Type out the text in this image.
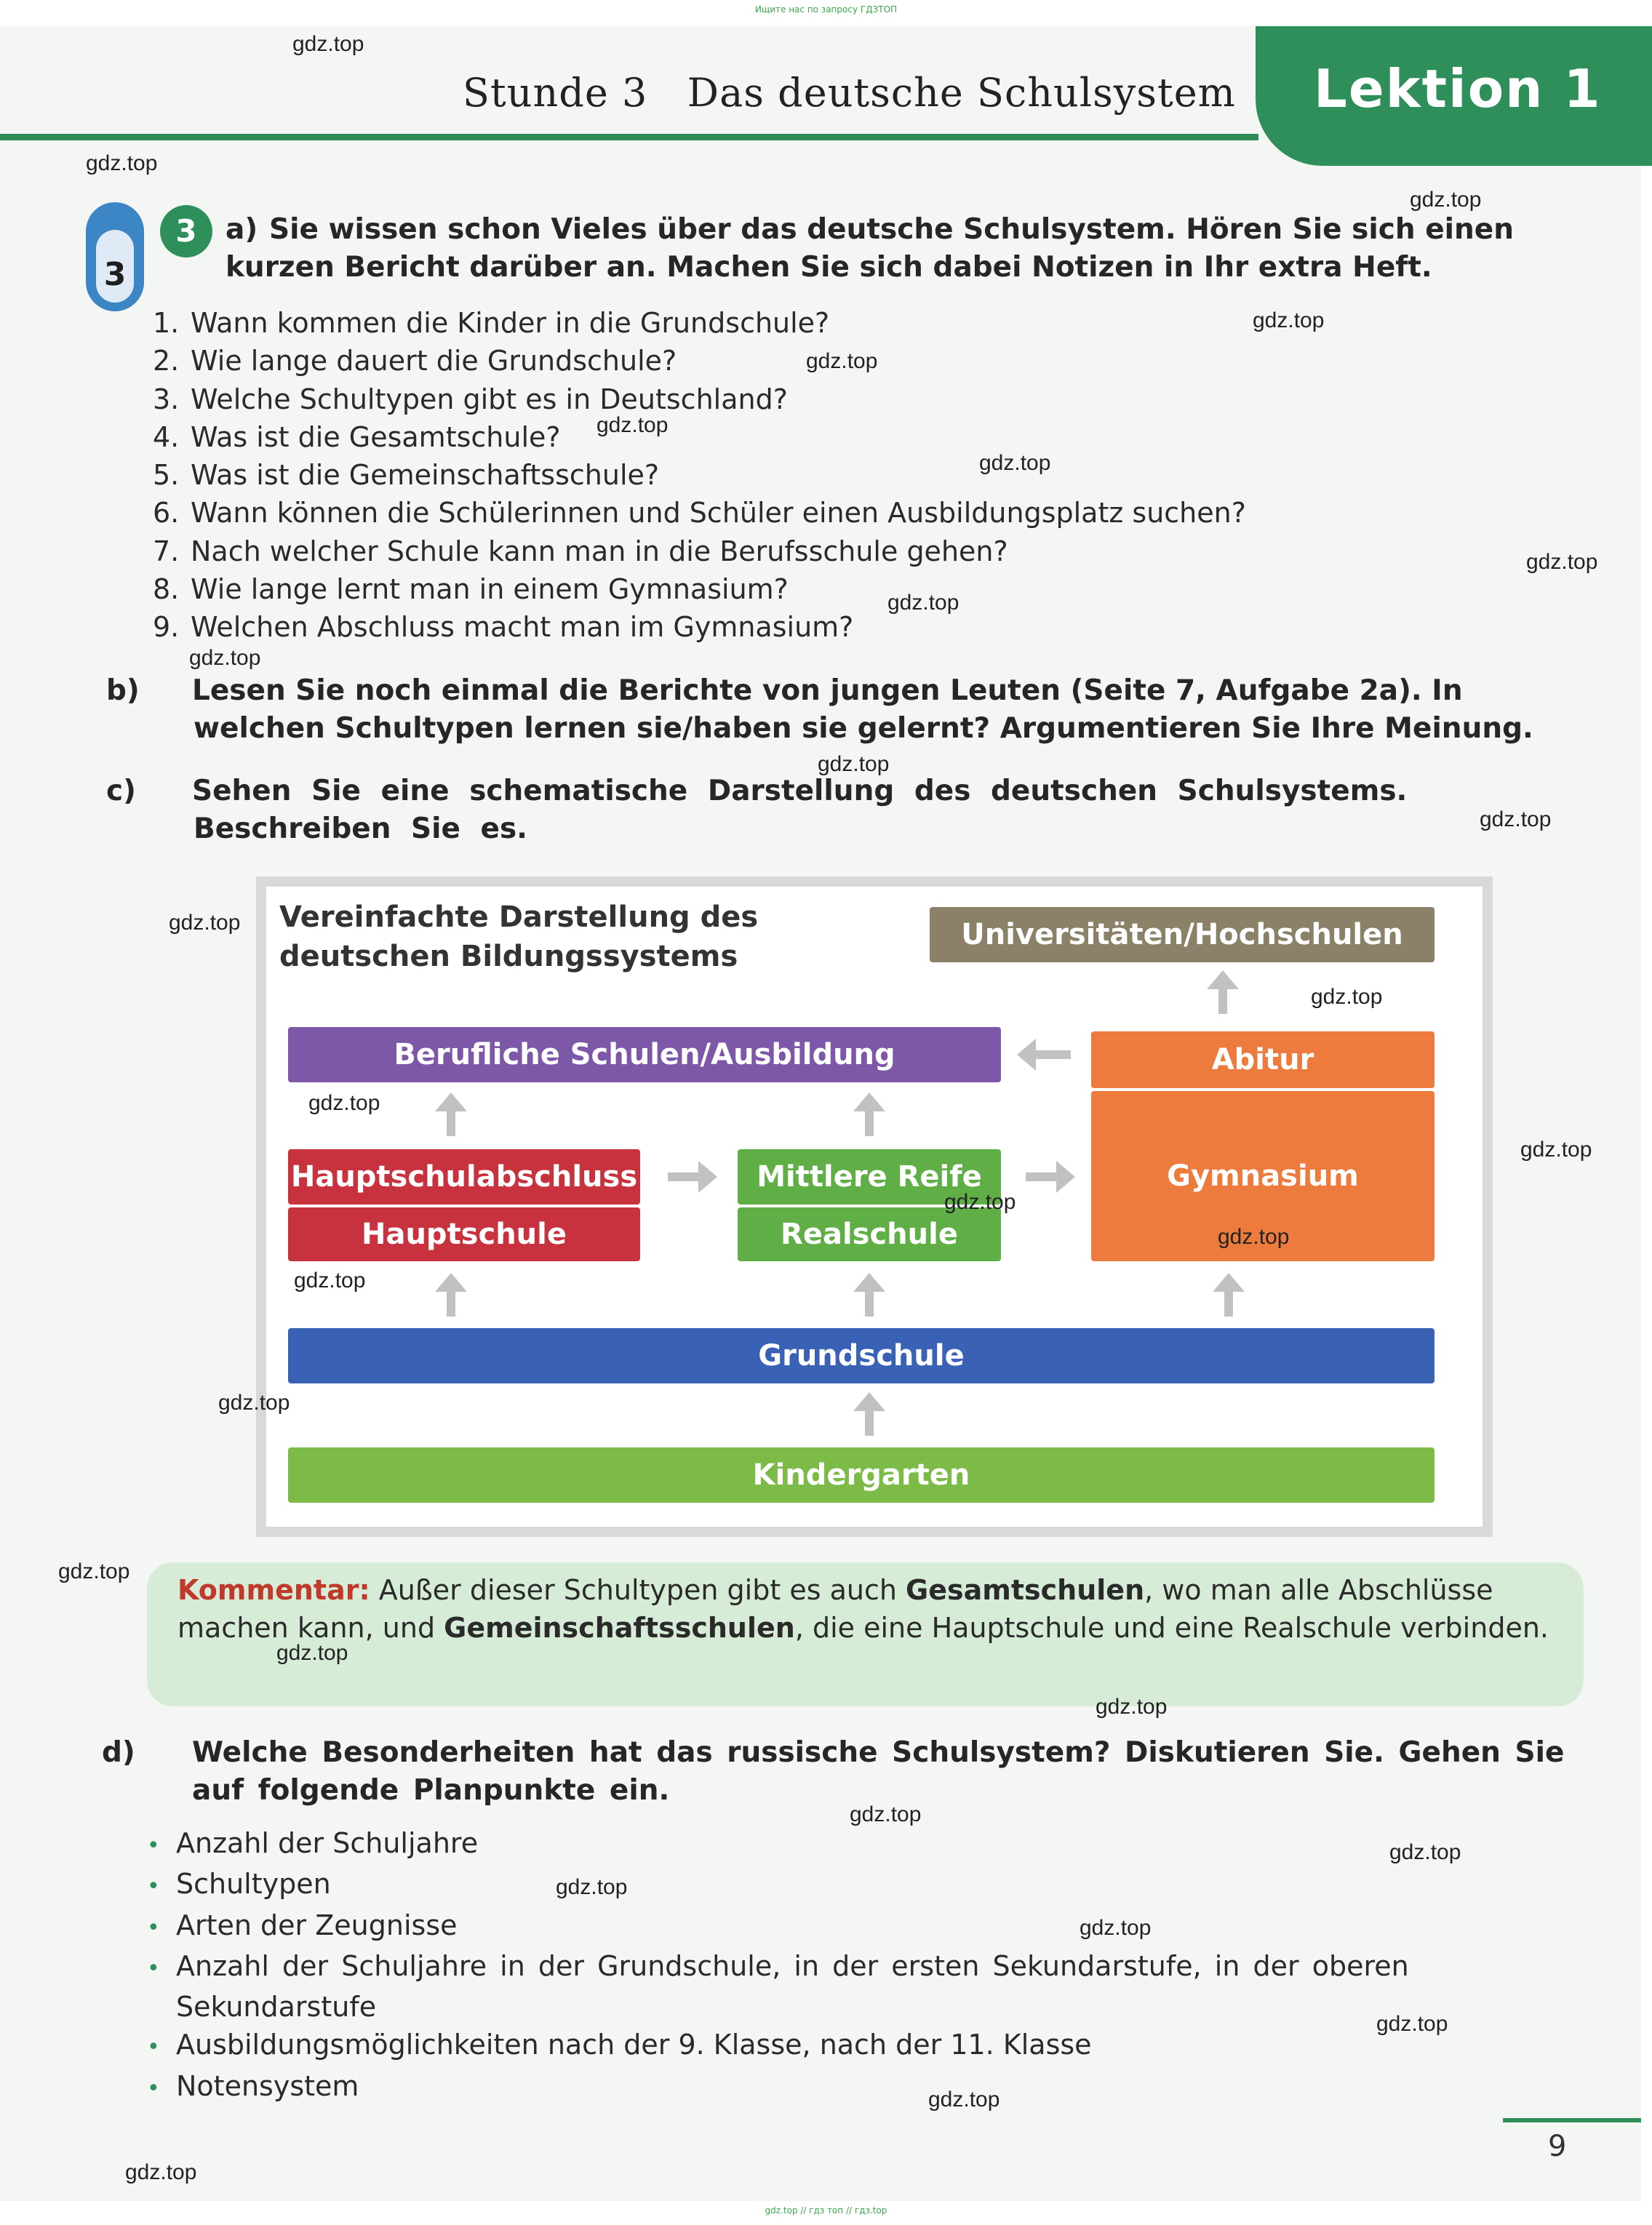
Ищите нас по запросу ГДЗТОП
Stunde 3 Das deutsche Schulsystem Lektion 1
3
3	a) Sie wissen schon Vieles über das deutsche Schulsystem. Hören Sie sich einen kurzen Bericht darüber an. Machen Sie sich dabei Notizen in Ihr extra Heft.
1. Wann kommen die Kinder in die Grundschule?
2. Wie lange dauert die Grundschule?
3. Welche Schultypen gibt es in Deutschland?
4. Was ist die Gesamtschule?
5. Was ist die Gemeinschaftsschule?
6. Wann können die Schülerinnen und Schüler einen Ausbildungsplatz suchen?
7. Nach welcher Schule kann man in die Berufsschule gehen?
8. Wie lange lernt man in einem Gymnasium?
9. Welchen Abschluss macht man im Gymnasium?
b) Lesen Sie noch einmal die Berichte von jungen Leuten (Seite 7, Aufgabe 2a). In welchen Schultypen lernen sie/haben sie gelernt? Argumentieren Sie Ihre Meinung.
c) Sehen Sie eine schematische Darstellung des deutschen Schulsystems. Beschreiben Sie es.
Vereinfachte Darstellung des
deutschen Bildungssystems
Universitäten/Hochschulen
Berufliche Schulen/Ausbildung	Abitur
Gymnasium
Hauptschulabschluss
Hauptschule
Mittlere Reife
Realschule
Grundschule
Kindergarten
Kommentar: Außer dieser Schultypen gibt es auch Gesamtschulen, wo man alle Abschlüsse machen kann, und Gemeinschaftsschulen, die eine Hauptschule und eine Realschule verbinden.
d) Welche Besonderheiten hat das russische Schulsystem? Diskutieren Sie. Gehen Sie auf folgende Planpunkte ein.
• Anzahl der Schuljahre
• Schultypen
• Arten der Zeugnisse
• Anzahl der Schuljahre in der Grundschule, in der ersten Sekundarstufe, in der oberen Sekundarstufe
• Ausbildungsmöglichkeiten nach der 9. Klasse, nach der 11. Klasse
• Notensystem
9
gdz.top // гдз топ // гдз.top
gdz.top
gdz.top
gdz.top
gdz.top
gdz.top
gdz.top
gdz.top
gdz.top
gdz.top
gdz.top
gdz.top
gdz.top
gdz.top
gdz.top
gdz.top
gdz.top
gdz.top
gdz.top
gdz.top
gdz.top
gdz.top
gdz.top
gdz.top
gdz.top
gdz.top
gdz.top
gdz.top
gdz.top
gdz.top
gdz.top
